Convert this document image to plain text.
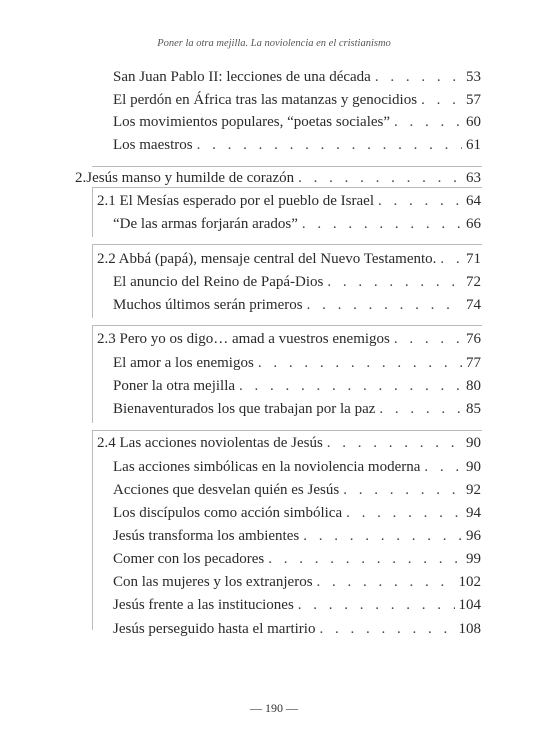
Poner la otra mejilla. La noviolencia en el cristianismo
San Juan Pablo II: lecciones de una década . . .	53
El perdón en África tras las matanzas y genocidios . . .	57
Los movimientos populares, “poetas sociales” . . .	60
Los maestros . . .	61
2. Jesús manso y humilde de corazón . . .	63
2.1 El Mesías esperado por el pueblo de Israel . . .	64
“De las armas forjarán arados” . . .	66
2.2 Abbá (papá), mensaje central del Nuevo Testamento. . . . 71
El anuncio del Reino de Papá-Dios . . .	72
Muchos últimos serán primeros . . .	74
2.3 Pero yo os digo… amad a vuestros enemigos . . .	76
El amor a los enemigos . . .	77
Poner la otra mejilla . . .	80
Bienaventurados los que trabajan por la paz . . .	85
2.4 Las acciones noviolentas de Jesús . . .	90
Las acciones simbólicas en la noviolencia moderna . . .	90
Acciones que desvelan quién es Jesús . . .	92
Los discípulos como acción simbólica . . .	94
Jesús transforma los ambientes . . .	96
Comer con los pecadores . . .	99
Con las mujeres y los extranjeros . . .	102
Jesús frente a las instituciones . . .	104
Jesús perseguido hasta el martirio . . .	108
— 190 —
